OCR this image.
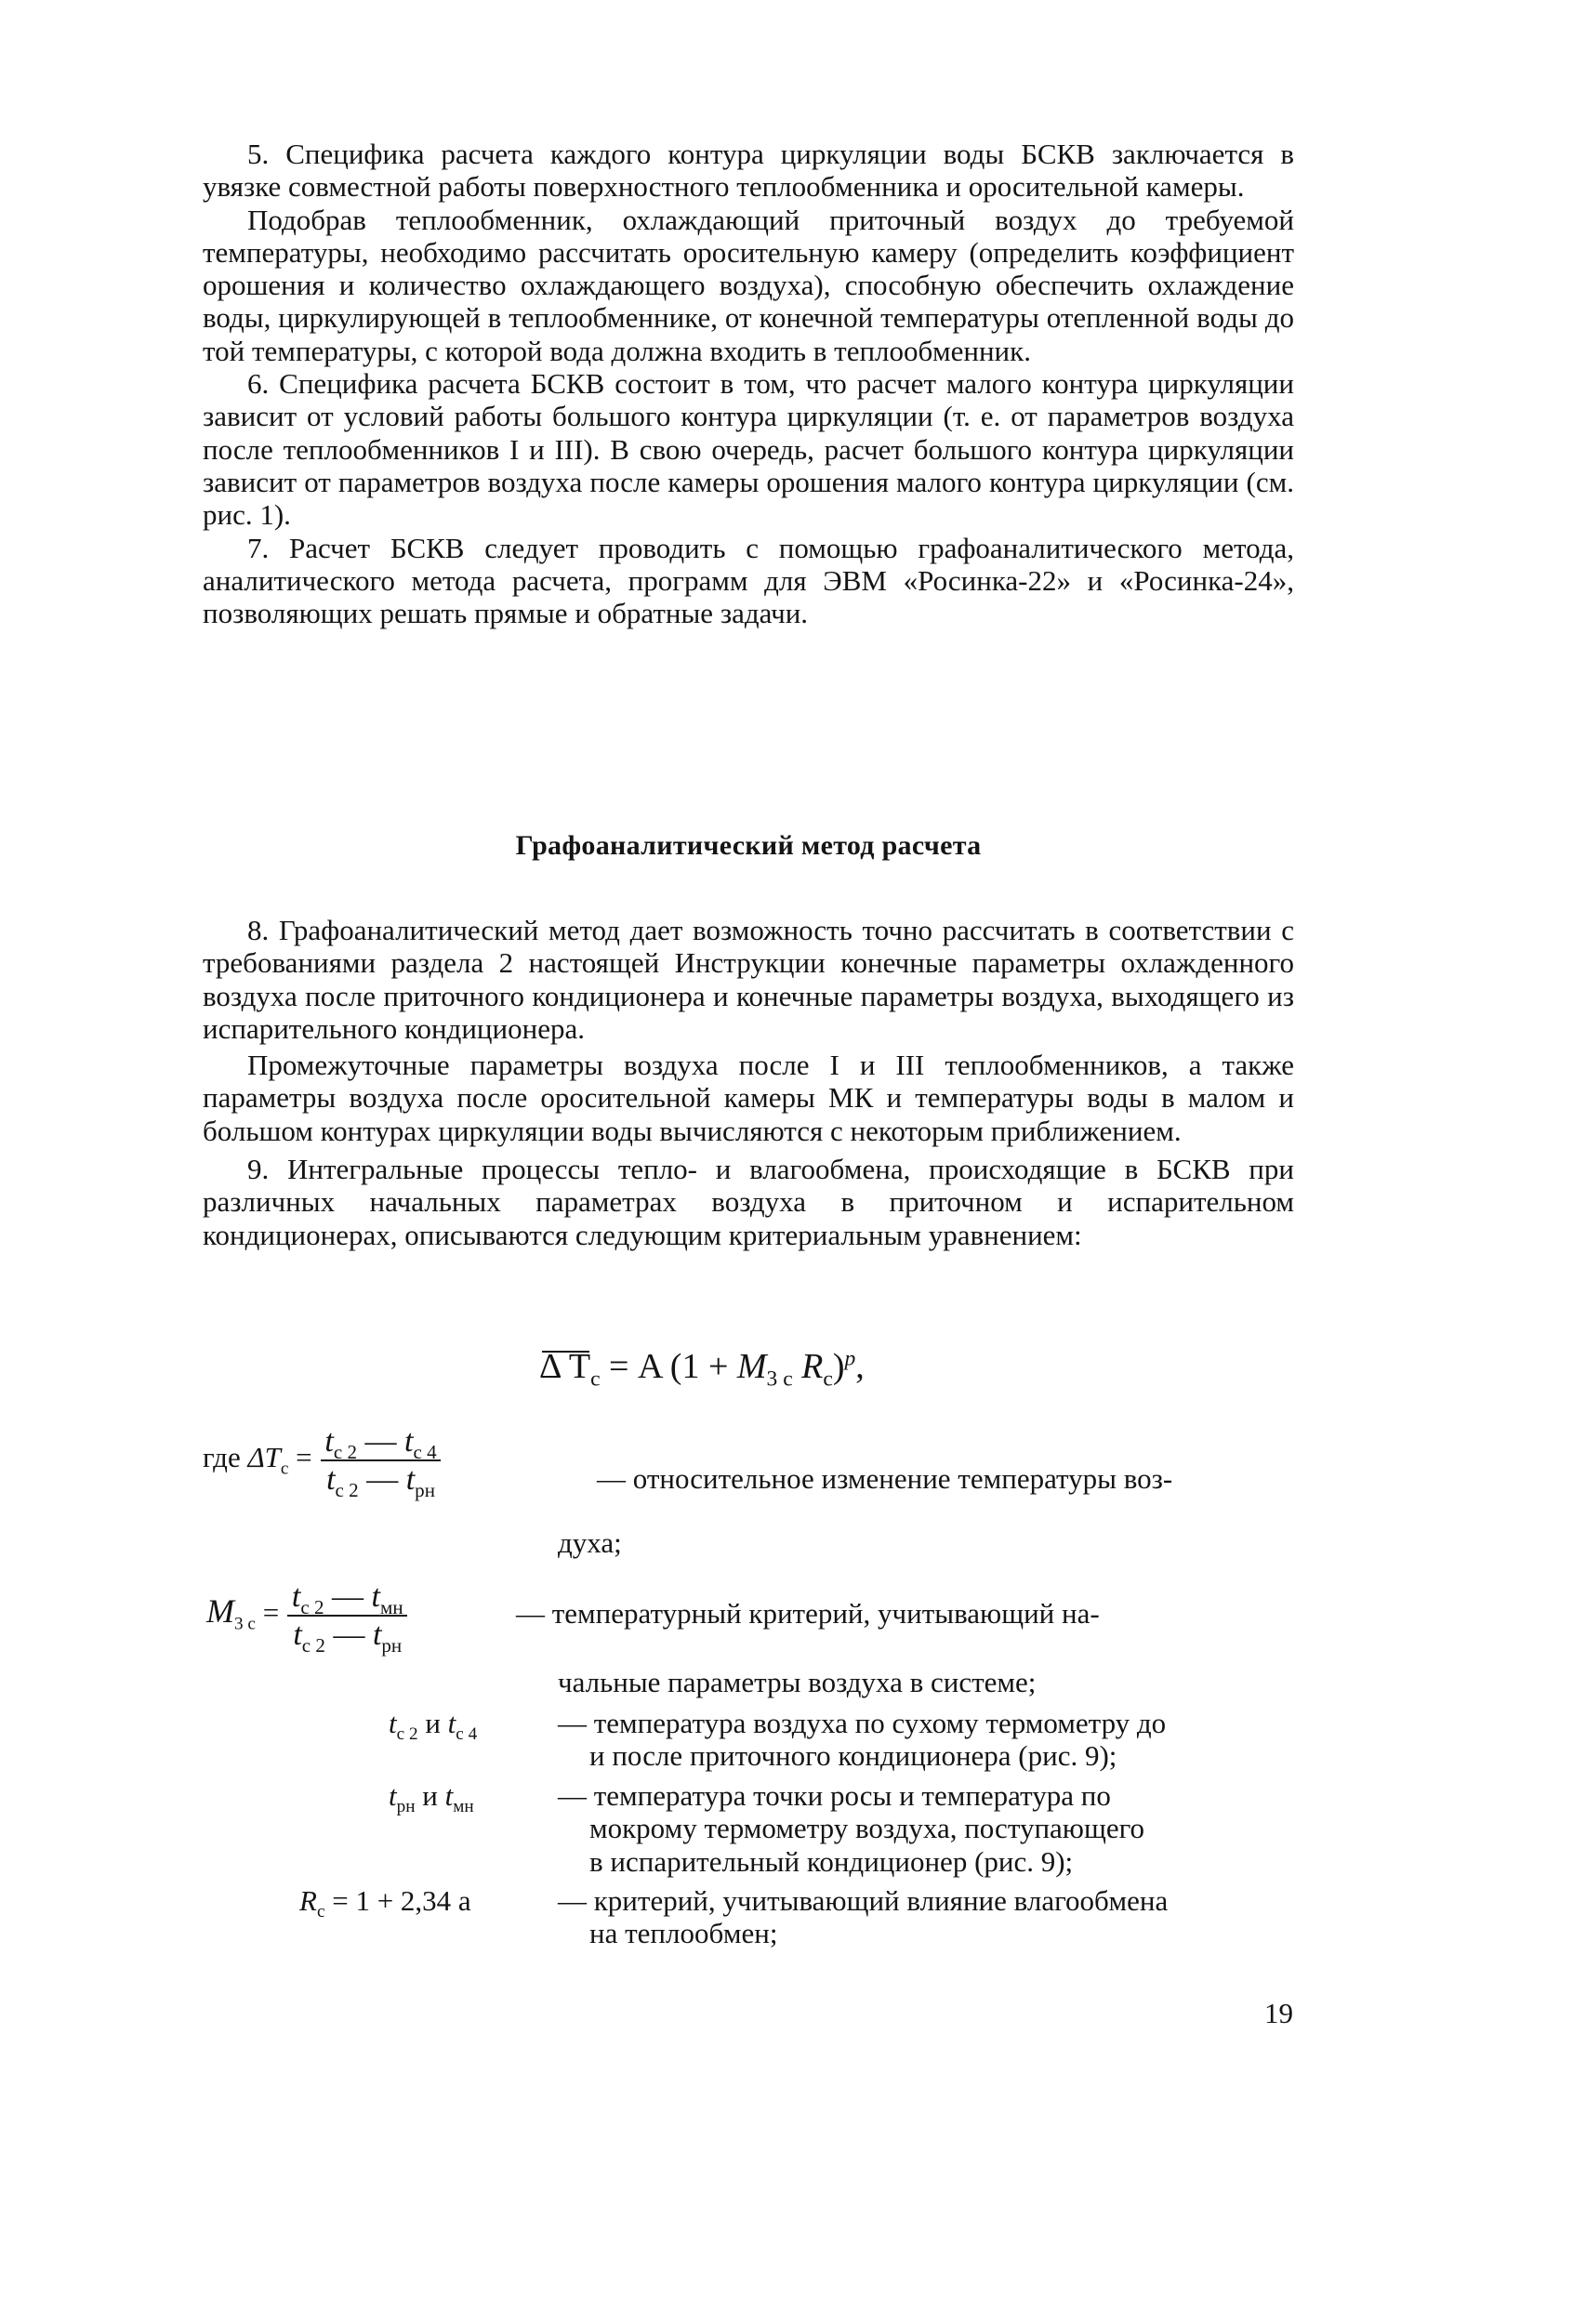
5. Специфика расчета каждого контура циркуляции воды БСКВ заключается в увязке совместной работы поверхностного теплообменника и оросительной камеры.

Подобрав теплообменник, охлаждающий приточный воздух до требуемой температуры, необходимо рассчитать оросительную камеру (определить коэффициент орошения и количество охлаждающего воздуха), способную обеспечить охлаждение воды, циркулирующей в теплообменнике, от конечной температуры отепленной воды до той температуры, с которой вода должна входить в теплообменник.

6. Специфика расчета БСКВ состоит в том, что расчет малого контура циркуляции зависит от условий работы большого контура циркуляции (т. е. от параметров воздуха после теплообменников I и III). В свою очередь, расчет большого контура циркуляции зависит от параметров воздуха после камеры орошения малого контура циркуляции (см. рис. 1).

7. Расчет БСКВ следует проводить с помощью графоаналитического метода, аналитического метода расчета, программ для ЭВМ «Росинка-22» и «Росинка-24», позволяющих решать прямые и обратные задачи.

Графоаналитический метод расчета

8. Графоаналитический метод дает возможность точно рассчитать в соответствии с требованиями раздела 2 настоящей Инструкции конечные параметры охлажденного воздуха после приточного кондиционера и конечные параметры воздуха, выходящего из испарительного кондиционера.

Промежуточные параметры воздуха после I и III теплообменников, а также параметры воздуха после оросительной камеры МК и температуры воды в малом и большом контурах циркуляции воды вычисляются с некоторым приближением.

9. Интегральные процессы тепло- и влагообмена, происходящие в БСКВ при различных начальных параметрах воздуха в приточном и испарительном кондиционерах, описываются следующим критериальным уравнением:

Δ $T_с = A$ ($1 + M_{3 с}$ $R_с)^p$,
где $\Delta T_с = \frac{t_{с 2} — t_{с 4}}{t_{с 2} — t_{рн}}$	— относительное изменение температуры воз-
духа;
$M_{3 с} = \frac{t_{с 2} — t_{мн}}{t_{с 2} — t_{рн}}$	— температурный критерий, учитывающий на-
чальные параметры воздуха в системе;
$t_{с 2}$ и $t_{с 4}$	— температура воздуха по сухому термометру до
и после приточного кондиционера (рис. 9);
$t_{рн}$ и $t_{мн}$	— температура точки росы и температура по
мокрому термометру воздуха, поступающего
в испарительный кондиционер (рис. 9);
$R_с = 1 + 2,34$ а	— критерий, учитывающий влияние влагообмена
на теплообмен;
19
